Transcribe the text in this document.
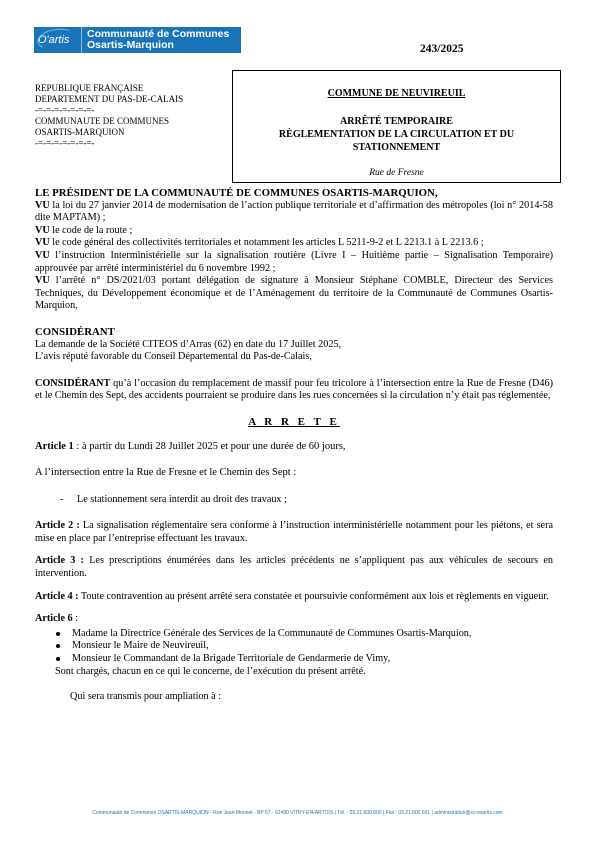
O'artis Communauté de Communes
Osartis-Marquion	243/2025
REPUBLIQUE FRANÇAISE
DEPARTEMENT DU PAS-DE-CALAIS
-=-=-=-=-=-=-=-
COMMUNAUTE DE COMMUNES
OSARTIS-MARQUION
-=-=-=-=-=-=-=-
COMMUNE DE NEUVIREUIL
ARRÊTÉ TEMPORAIRE
RÈGLEMENTATION DE LA CIRCULATION ET DU
STATIONNEMENT
Rue de Fresne
LE PRÉSIDENT DE LA COMMUNAUTÉ DE COMMUNES OSARTIS-MARQUION,
VU la loi du 27 janvier 2014 de modernisation de l’action publique territoriale et d’affirmation des métropoles (loi n° 2014-58 dite MAPTAM) ;
VU le code de la route ;
VU le code général des collectivités territoriales et notamment les articles L 5211-9-2 et L 2213.1 à L 2213.6 ;
VU l’instruction Interministérielle sur la signalisation routière (Livre I – Huitième partie – Signalisation Temporaire) approuvée par arrêté interministériel du 6 novembre 1992 ;
VU l’arrêté n° DS/2021/03 portant délégation de signature à Monsieur Stéphane COMBLE, Directeur des Services Techniques, du Développement économique et de l’Aménagement du territoire de la Communauté de Communes Osartis-Marquion,
CONSIDÉRANT
La demande de la Société CITEOS d’Arras (62) en date du 17 Juillet 2025,
L’avis réputé favorable du Conseil Départemental du Pas-de-Calais,
CONSIDÉRANT qu’à l’occasion du remplacement de massif pour feu tricolore à l’intersection entre la Rue de Fresne (D46) et le Chemin des Sept, des accidents pourraient se produire dans les rues concernées si la circulation n’y était pas réglementée,
A R R E T E
Article 1 : à partir du Lundi 28 Juillet 2025 et pour une durée de 60 jours,
A l’intersection entre la Rue de Fresne et le Chemin des Sept :
- Le stationnement sera interdit au droit des travaux ;
Article 2 : La signalisation réglementaire sera conforme à l’instruction interministérielle notamment pour les piétons, et sera mise en place par l’entreprise effectuant les travaux.
Article 3 : Les prescriptions énumérées dans les articles précédents ne s’appliquent pas aux véhicules de secours en intervention.
Article 4 : Toute contravention au présent arrêté sera constatée et poursuivie conformément aux lois et règlements en vigueur.
Article 6 :
Madame la Directrice Générale des Services de la Communauté de Communes Osartis-Marquion,
Monsieur le Maire de Neuvireuil,
Monsieur le Commandant de la Brigade Territoriale de Gendarmerie de Vimy,
Sont chargés, chacun en ce qui le concerne, de l’exécution du présent arrêté.
Qui sera transmis pour ampliation à :
Communauté de Communes OSARTIS-MARQUION - Rue Jean Monnet - BP 57 - 62490 VITRY-EN-ARTOIS | Tél. : 03.21.600.600 | Fax : 03.21.600.601 | administration@cc-osartis.com
